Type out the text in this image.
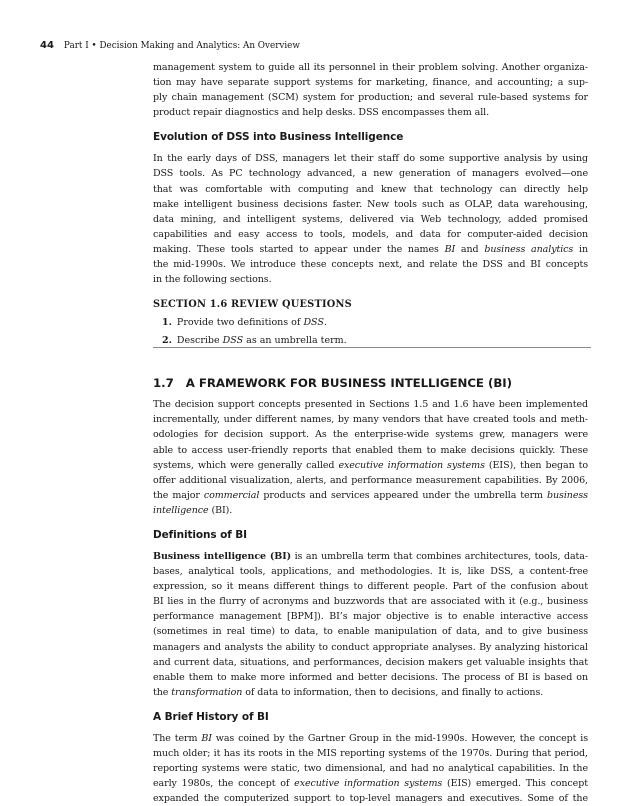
44 Part I • Decision Making and Analytics: An Overview

management system to guide all its personnel in their problem solving. Another organiza-
tion may have separate support systems for marketing, finance, and accounting; a sup-
ply chain management (SCM) system for production; and several rule-based systems for
product repair diagnostics and help desks. DSS encompasses them all.

Evolution of DSS into Business Intelligence

In the early days of DSS, managers let their staff do some supportive analysis by using
DSS tools. As PC technology advanced, a new generation of managers evolved—one
that was comfortable with computing and knew that technology can directly help
make intelligent business decisions faster. New tools such as OLAP, data warehousing,
data mining, and intelligent systems, delivered via Web technology, added promised
capabilities and easy access to tools, models, and data for computer-aided decision
making. These tools started to appear under the names BI and business analytics in
the mid-1990s. We introduce these concepts next, and relate the DSS and BI concepts
in the following sections.

SECTION 1.6 REVIEW QUESTIONS
1. Provide two definitions of DSS.
2. Describe DSS as an umbrella term.
1.7 A FRAMEWORK FOR BUSINESS INTELLIGENCE (BI)

The decision support concepts presented in Sections 1.5 and 1.6 have been implemented
incrementally, under different names, by many vendors that have created tools and meth-
odologies for decision support. As the enterprise-wide systems grew, managers were
able to access user-friendly reports that enabled them to make decisions quickly. These
systems, which were generally called executive information systems (EIS), then began to
offer additional visualization, alerts, and performance measurement capabilities. By 2006,
the major commercial products and services appeared under the umbrella term business
intelligence (BI).

Definitions of BI

Business intelligence (BI) is an umbrella term that combines architectures, tools, data-
bases, analytical tools, applications, and methodologies. It is, like DSS, a content-free
expression, so it means different things to different people. Part of the confusion about
BI lies in the flurry of acronyms and buzzwords that are associated with it (e.g., business
performance management [BPM]). BI’s major objective is to enable interactive access
(sometimes in real time) to data, to enable manipulation of data, and to give business
managers and analysts the ability to conduct appropriate analyses. By analyzing historical
and current data, situations, and performances, decision makers get valuable insights that
enable them to make more informed and better decisions. The process of BI is based on
the transformation of data to information, then to decisions, and finally to actions.

A Brief History of BI

The term BI was coined by the Gartner Group in the mid-1990s. However, the concept is
much older; it has its roots in the MIS reporting systems of the 1970s. During that period,
reporting systems were static, two dimensional, and had no analytical capabilities. In the
early 1980s, the concept of executive information systems (EIS) emerged. This concept
expanded the computerized support to top-level managers and executives. Some of the
